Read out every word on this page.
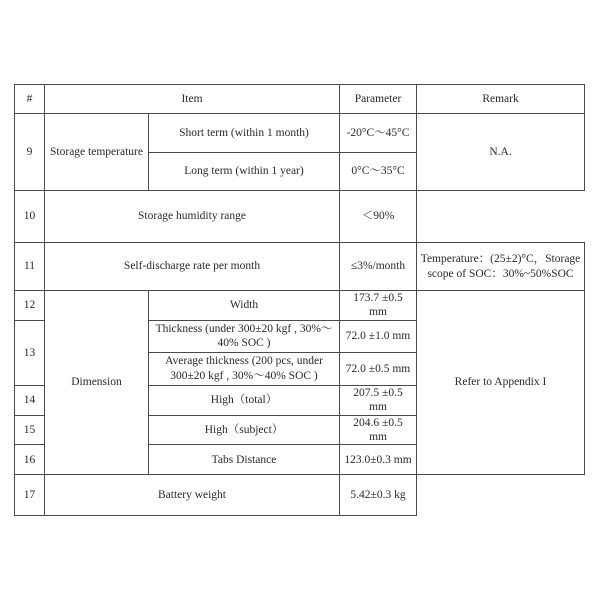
#	Item		Parameter	Remark
9	Storage temperature	Short term (within 1 month)	-20°C～45°C	N.A.
		Long term (within 1 year)	0°C～35°C	
10	Storage humidity range		＜90%	
11	Self-discharge rate per month		≤3%/month	Temperature：(25±2)°C，Storage scope of SOC：30%~50%SOC
12	Dimension	Width	173.7 ±0.5 mm	Refer to Appendix I
13		Thickness (under 300±20 kgf , 30%～40% SOC )	72.0 ±1.0 mm	
		Average thickness (200 pcs, under 300±20 kgf , 30%～40% SOC )	72.0 ±0.5 mm	
14		High（total）	207.5 ±0.5 mm	
15		High（subject）	204.6 ±0.5 mm	
16		Tabs Distance	123.0±0.3 mm	
17	Battery weight		5.42±0.3 kg	
